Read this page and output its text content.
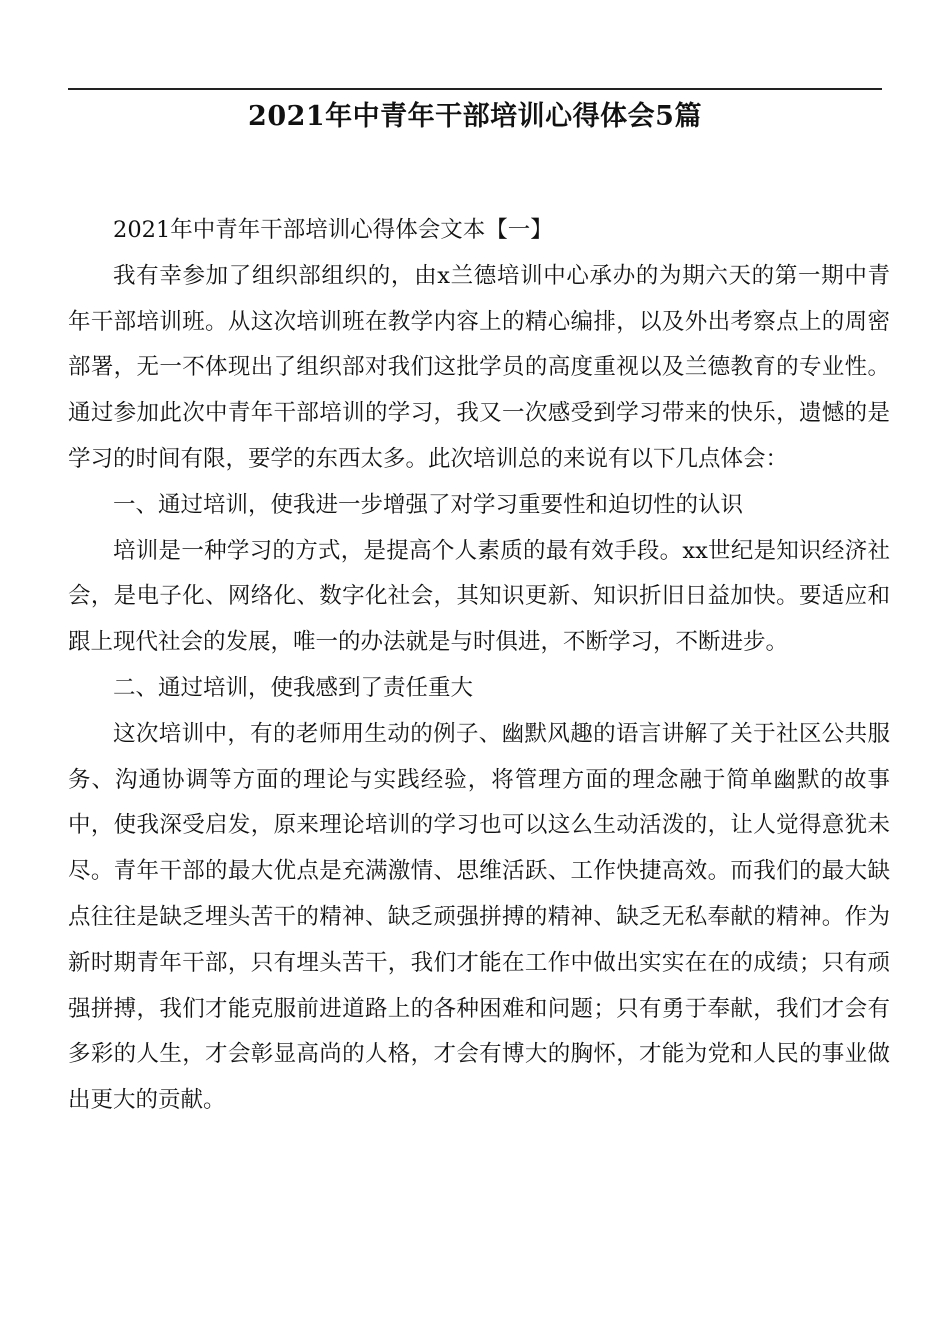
2021年中青年干部培训心得体会5篇

2021年中青年干部培训心得体会文本【一】

我有幸参加了组织部组织的，由x兰德培训中心承办的为期六天的第一期中青年干部培训班。从这次培训班在教学内容上的精心编排，以及外出考察点上的周密部署，无一不体现出了组织部对我们这批学员的高度重视以及兰德教育的专业性。通过参加此次中青年干部培训的学习，我又一次感受到学习带来的快乐，遗憾的是学习的时间有限，要学的东西太多。此次培训总的来说有以下几点体会：

一、通过培训，使我进一步增强了对学习重要性和迫切性的认识

培训是一种学习的方式，是提高个人素质的最有效手段。xx世纪是知识经济社会，是电子化、网络化、数字化社会，其知识更新、知识折旧日益加快。要适应和跟上现代社会的发展，唯一的办法就是与时俱进，不断学习，不断进步。

二、通过培训，使我感到了责任重大

这次培训中，有的老师用生动的例子、幽默风趣的语言讲解了关于社区公共服务、沟通协调等方面的理论与实践经验，将管理方面的理念融于简单幽默的故事中，使我深受启发，原来理论培训的学习也可以这么生动活泼的，让人觉得意犹未尽。青年干部的最大优点是充满激情、思维活跃、工作快捷高效。而我们的最大缺点往往是缺乏埋头苦干的精神、缺乏顽强拼搏的精神、缺乏无私奉献的精神。作为新时期青年干部，只有埋头苦干，我们才能在工作中做出实实在在的成绩；只有顽强拼搏，我们才能克服前进道路上的各种困难和问题；只有勇于奉献，我们才会有多彩的人生，才会彰显高尚的人格，才会有博大的胸怀，才能为党和人民的事业做出更大的贡献。
